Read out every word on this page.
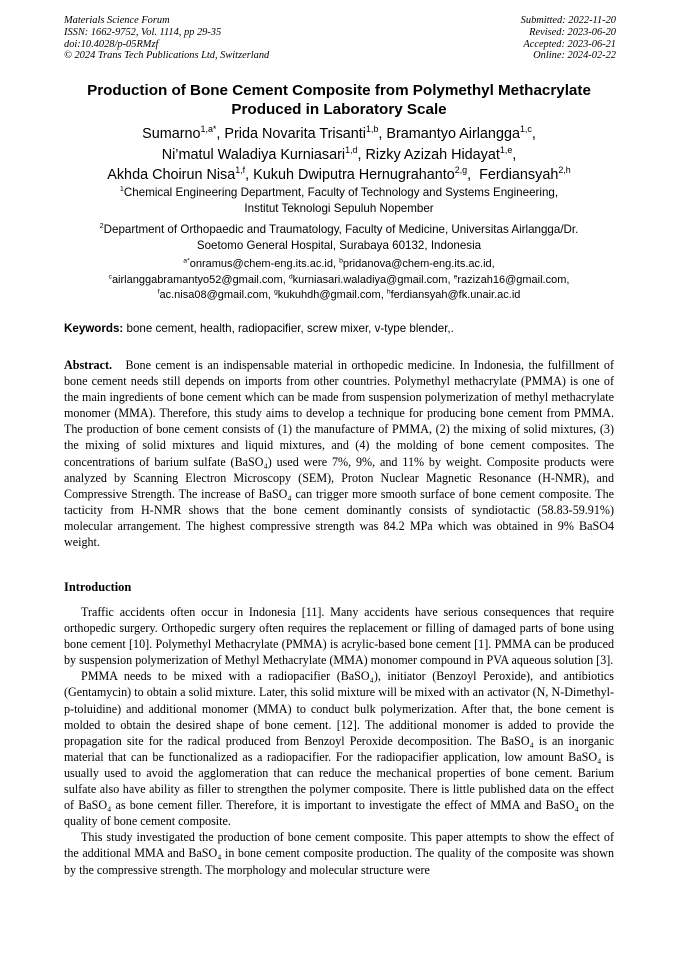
Materials Science Forum
ISSN: 1662-9752, Vol. 1114, pp 29-35
doi:10.4028/p-05RMzf
© 2024 Trans Tech Publications Ltd, Switzerland
Submitted: 2022-11-20
Revised: 2023-06-20
Accepted: 2023-06-21
Online: 2024-02-22
Production of Bone Cement Composite from Polymethyl Methacrylate
Produced in Laboratory Scale
Sumarno$^{1,a*}$, Prida Novarita Trisanti$^{1,b}$, Bramantyo Airlangga$^{1,c}$,
Ni’matul Waladiya Kurniasari$^{1,d}$, Rizky Azizah Hidayat$^{1,e}$,
Akhda Choirun Nisa$^{1,f}$, Kukuh Dwiputra Hernugrahanto$^{2,g}$,  Ferdiansyah$^{2,h}$
$^1$Chemical Engineering Department, Faculty of Technology and Systems Engineering,
Institut Teknologi Sepuluh Nopember
$^2$Department of Orthopaedic and Traumatology, Faculty of Medicine, Universitas Airlangga/Dr.
Soetomo General Hospital, Surabaya 60132, Indonesia
$^{a*}$onramus@chem-eng.its.ac.id, $^b$pridanova@chem-eng.its.ac.id,
$^c$airlanggabramantyo52@gmail.com, $^d$kurniasari.waladiya@gmail.com, $^e$razizah16@gmail.com,
$^f$ac.nisa08@gmail.com, $^g$kukuhdh@gmail.com, $^h$ferdiansyah@fk.unair.ac.id
Keywords: bone cement, health, radiopacifier, screw mixer, v-type blender,.
Abstract. Bone cement is an indispensable material in orthopedic medicine. In Indonesia, the fulfillment of bone cement needs still depends on imports from other countries. Polymethyl methacrylate (PMMA) is one of the main ingredients of bone cement which can be made from suspension polymerization of methyl methacrylate monomer (MMA). Therefore, this study aims to develop a technique for producing bone cement from PMMA. The production of bone cement consists of (1) the manufacture of PMMA, (2) the mixing of solid mixtures, (3) the mixing of solid mixtures and liquid mixtures, and (4) the molding of bone cement composites. The concentrations of barium sulfate (BaSO₄) used were 7%, 9%, and 11% by weight. Composite products were analyzed by Scanning Electron Microscopy (SEM), Proton Nuclear Magnetic Resonance (H-NMR), and Compressive Strength. The increase of BaSO₄ can trigger more smooth surface of bone cement composite. The tacticity from H-NMR shows that the bone cement dominantly consists of syndiotactic (58.83-59.91%) molecular arrangement. The highest compressive strength was 84.2 MPa which was obtained in 9% BaSO4 weight.
Introduction

Traffic accidents often occur in Indonesia [11]. Many accidents have serious consequences that require orthopedic surgery. Orthopedic surgery often requires the replacement or filling of damaged parts of bone using bone cement [10]. Polymethyl Methacrylate (PMMA) is acrylic-based bone cement [1]. PMMA can be produced by suspension polymerization of Methyl Methacrylate (MMA) monomer compound in PVA aqueous solution [3].

PMMA needs to be mixed with a radiopacifier (BaSO₄), initiator (Benzoyl Peroxide), and antibiotics (Gentamycin) to obtain a solid mixture. Later, this solid mixture will be mixed with an activator (N, N-Dimethyl-p-toluidine) and additional monomer (MMA) to conduct bulk polymerization. After that, the bone cement is molded to obtain the desired shape of bone cement. [12]. The additional monomer is added to provide the propagation site for the radical produced from Benzoyl Peroxide decomposition. The BaSO₄ is an inorganic material that can be functionalized as a radiopacifier. For the radiopacifier application, low amount BaSO₄ is usually used to avoid the agglomeration that can reduce the mechanical properties of bone cement. Barium sulfate also have ability as filler to strengthen the polymer composite. There is little published data on the effect of BaSO₄ as bone cement filler. Therefore, it is important to investigate the effect of MMA and BaSO₄ on the quality of bone cement composite.

This study investigated the production of bone cement composite. This paper attempts to show the effect of the additional MMA and BaSO₄ in bone cement composite production. The quality of the composite was shown by the compressive strength. The morphology and molecular structure were
